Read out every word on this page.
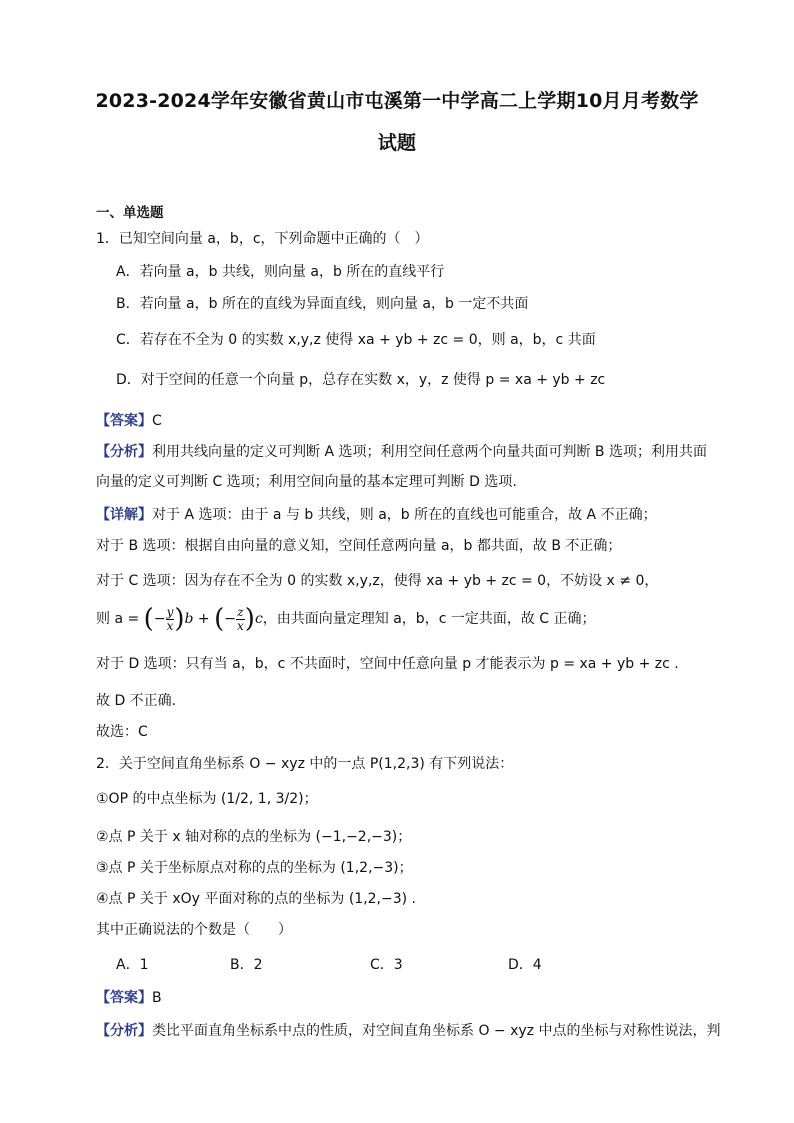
2023-2024学年安徽省黄山市屯溪第一中学高二上学期10月月考数学
试题
一、单选题
1．已知空间向量 a，b，c，下列命题中正确的（　）
A．若向量 a，b 共线，则向量 a，b 所在的直线平行
B．若向量 a，b 所在的直线为异面直线，则向量 a，b 一定不共面
C．若存在不全为 0 的实数 x,y,z 使得 xa + yb + zc = 0，则 a，b，c 共面
D．对于空间的任意一个向量 p，总存在实数 x，y，z 使得 p = xa + yb + zc
【答案】C
【分析】利用共线向量的定义可判断 A 选项；利用空间任意两个向量共面可判断 B 选项；利用共面
向量的定义可判断 C 选项；利用空间向量的基本定理可判断 D 选项.
【详解】对于 A 选项：由于 a 与 b 共线，则 a，b 所在的直线也可能重合，故 A 不正确；
对于 B 选项：根据自由向量的意义知，空间任意两向量 a，b 都共面，故 B 不正确；
对于 C 选项：因为存在不全为 0 的实数 x,y,z，使得 xa + yb + zc = 0，不妨设 x ≠ 0，
则 a = (− $\frac{y}{x} )b$ + (− $\frac{z}{x} )c$，由共面向量定理知 a，b，c 一定共面，故 C 正确；
对于 D 选项：只有当 a，b，c 不共面时，空间中任意向量 p 才能表示为 p = xa + yb + zc .
故 D 不正确.
故选：C
2．关于空间直角坐标系 O − xyz 中的一点 P(1,2,3) 有下列说法：
①OP 的中点坐标为 (1/2, 1, 3/2)；
②点 P 关于 x 轴对称的点的坐标为 (−1,−2,−3)；
③点 P 关于坐标原点对称的点的坐标为 (1,2,−3)；
④点 P 关于 xOy 平面对称的点的坐标为 (1,2,−3) .
其中正确说法的个数是（　　）
A．1	B．2	C．3	D．4
【答案】B
【分析】类比平面直角坐标系中点的性质，对空间直角坐标系 O − xyz 中点的坐标与对称性说法，判
